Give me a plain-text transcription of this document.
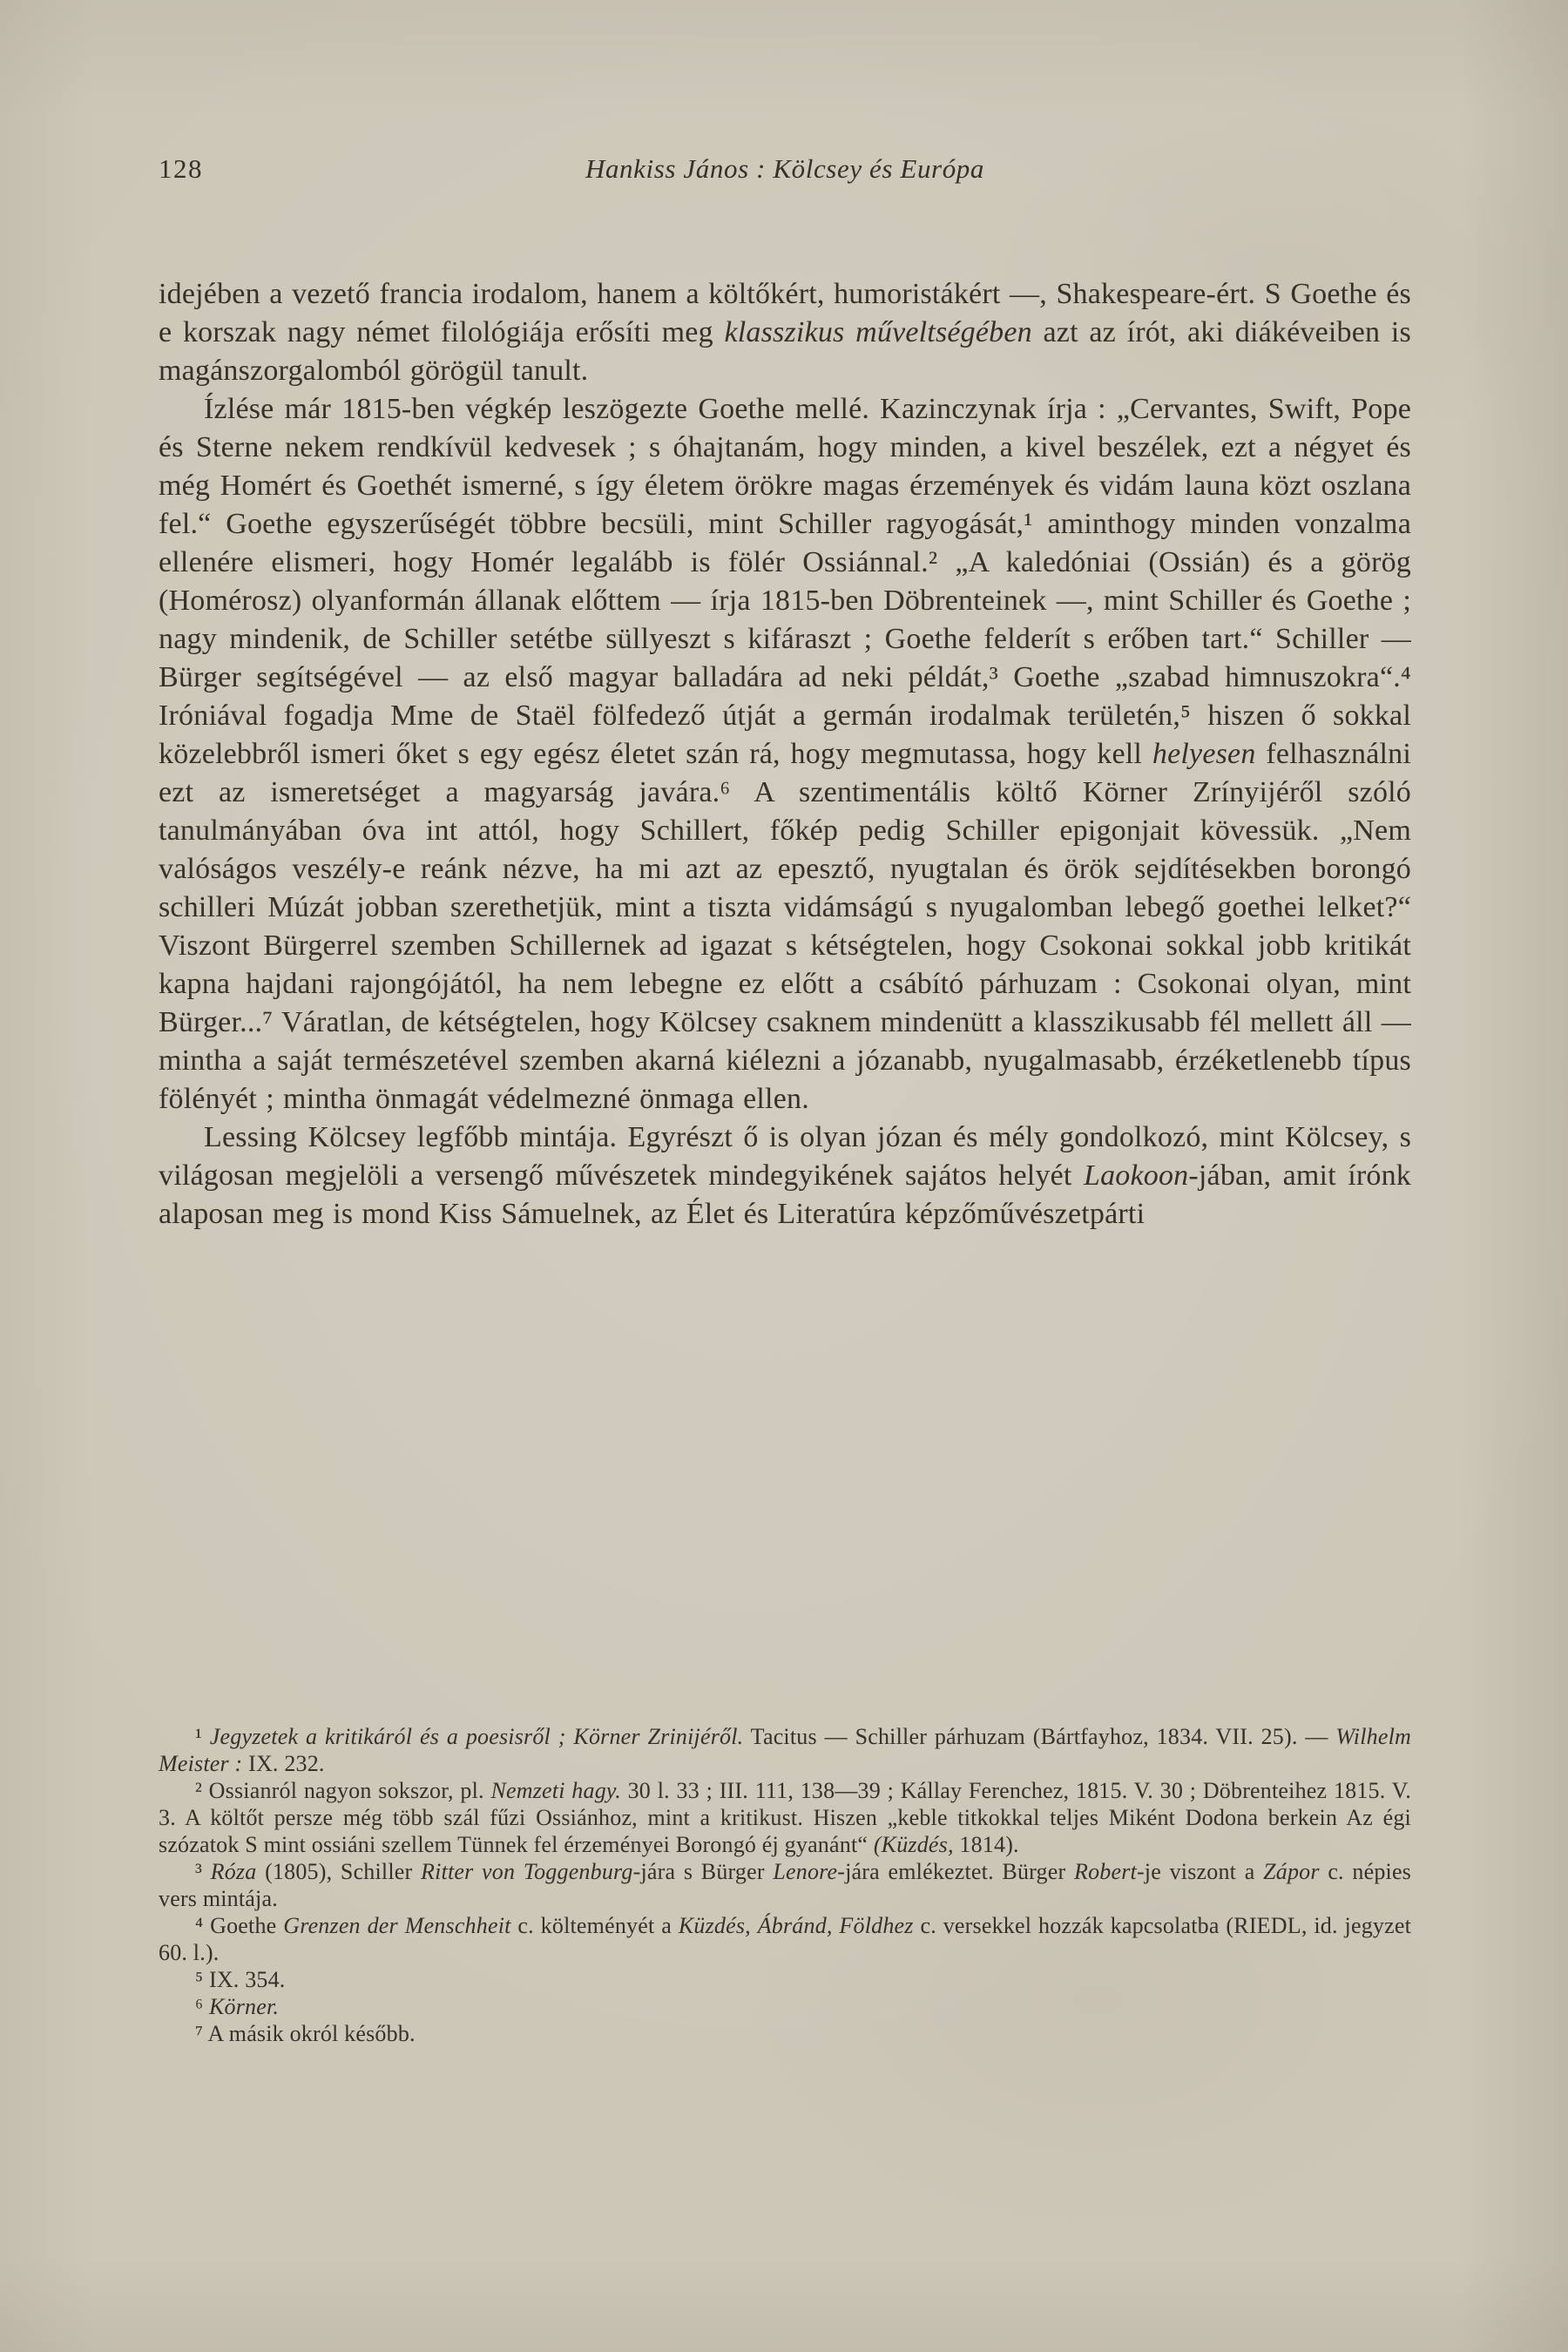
128	Hankiss János : Kölcsey és Európa

idejében a vezető francia irodalom, hanem a költőkért, humoristákért —, Shakespeare-ért. S Goethe és e korszak nagy német filológiája erősíti meg klasszikus műveltségében azt az írót, aki diákéveiben is magánszorgalomból görögül tanult.

Ízlése már 1815-ben végkép leszögezte Goethe mellé. Kazinczynak írja : „Cervantes, Swift, Pope és Sterne nekem rendkívül kedvesek ; s óhajtanám, hogy minden, a kivel beszélek, ezt a négyet és még Homért és Goethét ismerné, s így életem örökre magas érzemények és vidám launa közt oszlana fel.“ Goethe egyszerűségét többre becsüli, mint Schiller ragyogását,¹ aminthogy minden vonzalma ellenére elismeri, hogy Homér legalább is fölér Ossiánnal.² „A kaledóniai (Ossián) és a görög (Homérosz) olyanformán állanak előttem — írja 1815-ben Döbrenteinek —, mint Schiller és Goethe ; nagy mindenik, de Schiller setétbe süllyeszt s kifáraszt ; Goethe felderít s erőben tart.“ Schiller — Bürger segítségével — az első magyar balladára ad neki példát,³ Goethe „szabad himnuszokra“.⁴ Iróniával fogadja Mme de Staël fölfedező útját a germán irodalmak területén,⁵ hiszen ő sokkal közelebbről ismeri őket s egy egész életet szán rá, hogy megmutassa, hogy kell helyesen felhasználni ezt az ismeretséget a magyarság javára.⁶ A szentimentális költő Körner Zrínyijéről szóló tanulmányában óva int attól, hogy Schillert, főkép pedig Schiller epigonjait kövessük. „Nem valóságos veszély-e reánk nézve, ha mi azt az epesztő, nyugtalan és örök sejdítésekben borongó schilleri Múzát jobban szerethetjük, mint a tiszta vidámságú s nyugalomban lebegő goethei lelket?“ Viszont Bürgerrel szemben Schillernek ad igazat s kétségtelen, hogy Csokonai sokkal jobb kritikát kapna hajdani rajongójától, ha nem lebegne ez előtt a csábító párhuzam : Csokonai olyan, mint Bürger...⁷ Váratlan, de kétségtelen, hogy Kölcsey csaknem mindenütt a klasszikusabb fél mellett áll — mintha a saját természetével szemben akarná kiélezni a józanabb, nyugalmasabb, érzéketlenebb típus fölényét ; mintha önmagát védelmezné önmaga ellen.

Lessing Kölcsey legfőbb mintája. Egyrészt ő is olyan józan és mély gondolkozó, mint Kölcsey, s világosan megjelöli a versengő művészetek mindegyikének sajátos helyét Laokoon-jában, amit írónk alaposan meg is mond Kiss Sámuelnek, az Élet és Literatúra képzőművészetpárti

¹ Jegyzetek a kritikáról és a poesisről ; Körner Zrinijéről. Tacitus — Schiller párhuzam (Bártfayhoz, 1834. VII. 25). — Wilhelm Meister : IX. 232.

² Ossianról nagyon sokszor, pl. Nemzeti hagy. 30 l. 33 ; III. 111, 138—39 ; Kállay Ferenchez, 1815. V. 30 ; Döbrenteihez 1815. V. 3. A költőt persze még több szál fűzi Ossiánhoz, mint a kritikust. Hiszen „keble titkokkal teljes Miként Dodona berkein Az égi szózatok S mint ossiáni szellem Tünnek fel érzeményei Borongó éj gyanánt“ (Küzdés, 1814).

³ Róza (1805), Schiller Ritter von Toggenburg-jára s Bürger Lenore-jára emlékeztet. Bürger Robert-je viszont a Zápor c. népies vers mintája.

⁴ Goethe Grenzen der Menschheit c. költeményét a Küzdés, Ábránd, Földhez c. versekkel hozzák kapcsolatba (RIEDL, id. jegyzet 60. l.).

⁵ IX. 354.

⁶ Körner.

⁷ A másik okról később.
